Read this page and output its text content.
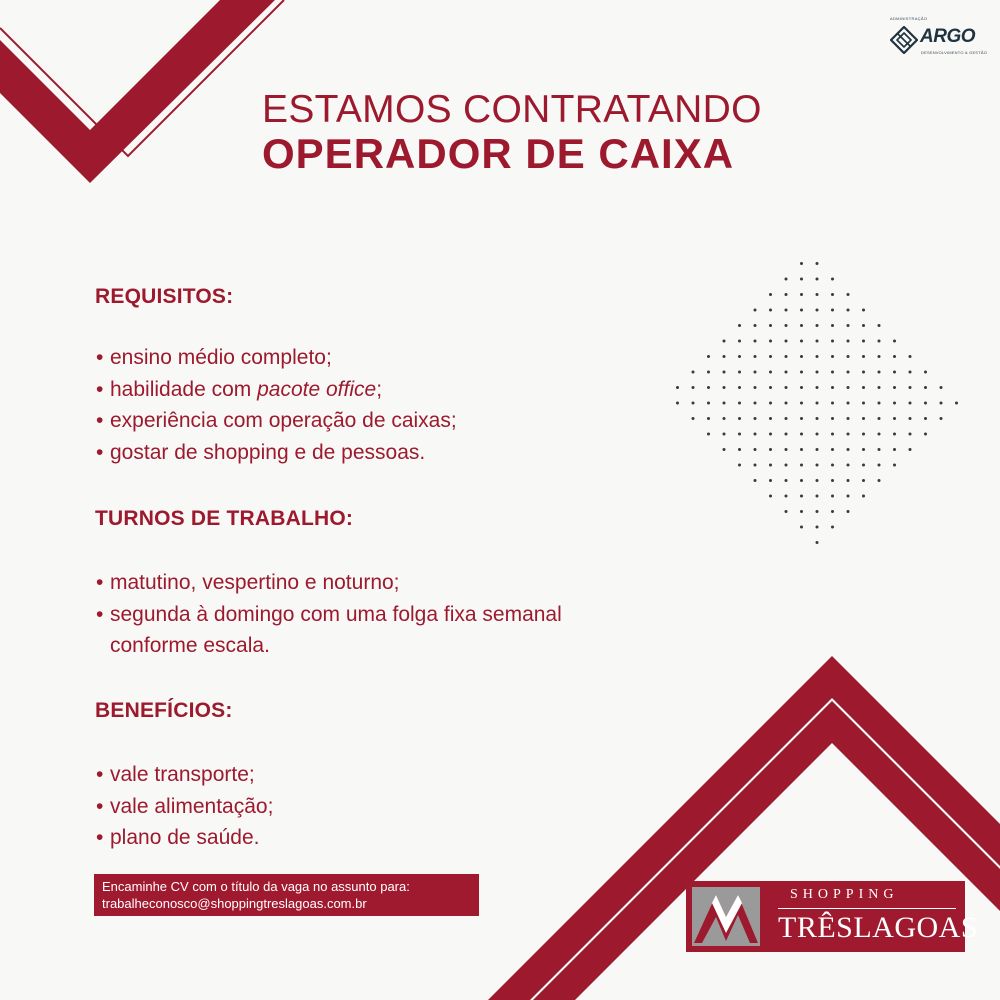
ADMINISTRAÇÃO
ARGO
DESENVOLVIMENTO & GESTÃO
ESTAMOS CONTRATANDO
OPERADOR DE CAIXA
REQUISITOS:
• ensino médio completo;
• habilidade com pacote office;
• experiência com operação de caixas;
• gostar de shopping e de pessoas.
TURNOS DE TRABALHO:
• matutino, vespertino e noturno;
• segunda à domingo com uma folga fixa semanal
conforme escala.
BENEFÍCIOS:
• vale transporte;
• vale alimentação;
• plano de saúde.
Encaminhe CV com o título da vaga no assunto para:
trabalheconosco@shoppingtreslagoas.com.br
SHOPPING
TRÊSLAGOAS
